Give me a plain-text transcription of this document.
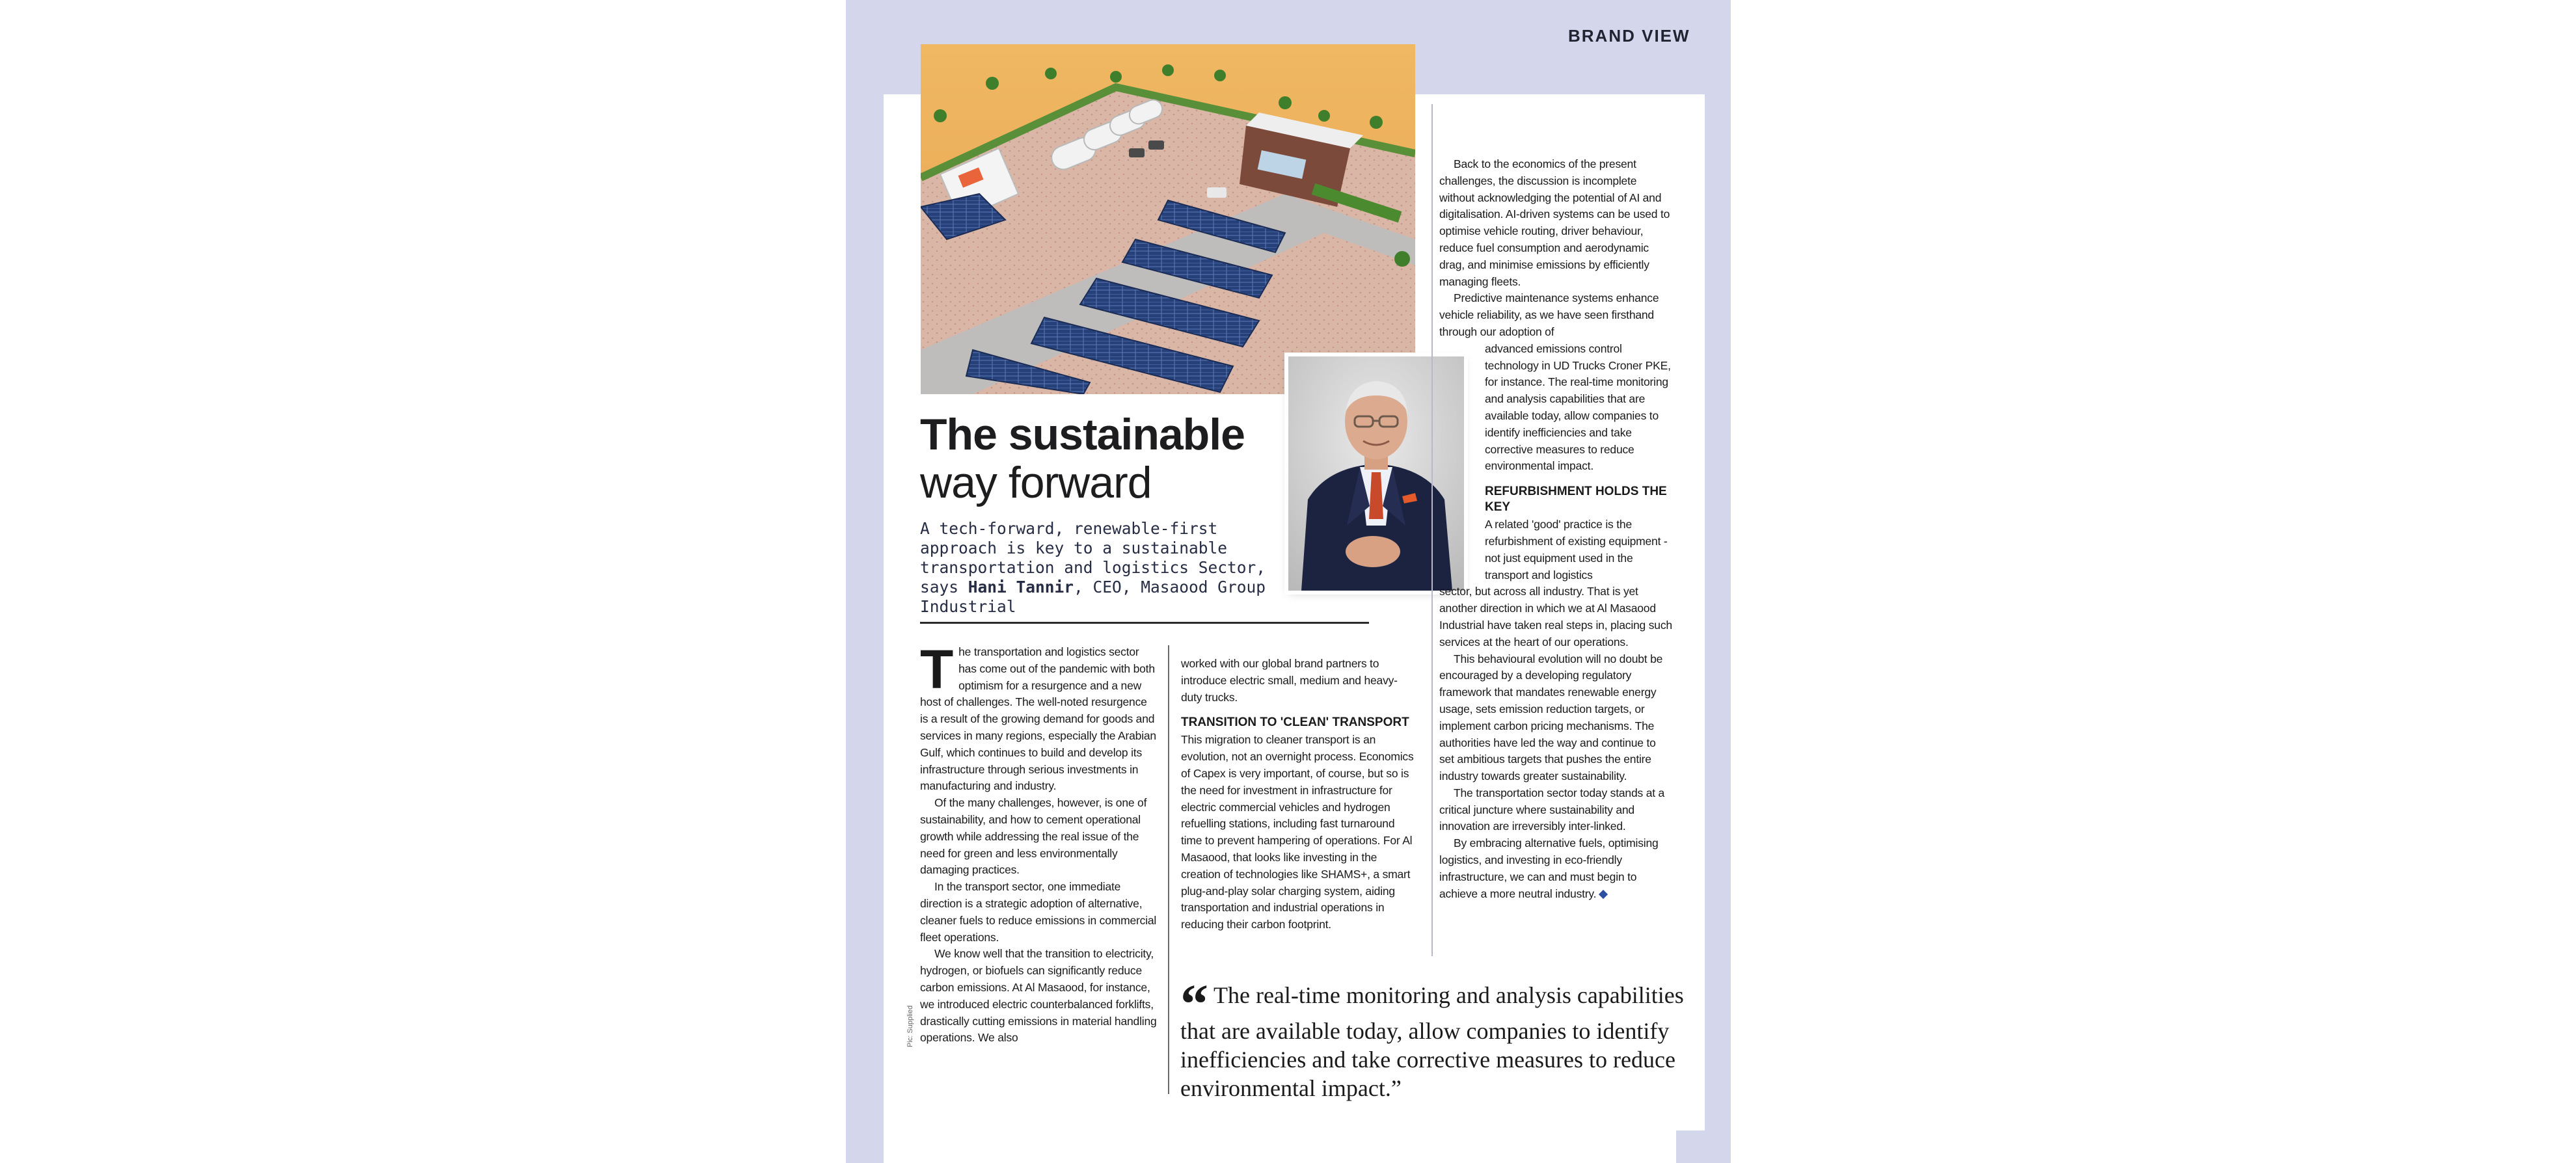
BRAND VIEW
The sustainable
way forward
A tech-forward, renewable-first approach is key to a sustainable transportation and logistics Sector, says Hani Tannir, CEO, Masaood Group Industrial
Pic: Supplied

The transportation and logistics sector has come out of the pandemic with both optimism for a resurgence and a new host of challenges. The well-noted resurgence is a result of the growing demand for goods and services in many regions, especially the Arabian Gulf, which continues to build and develop its infrastructure through serious investments in manufacturing and industry.

Of the many challenges, however, is one of sustainability, and how to cement operational growth while addressing the real issue of the need for green and less environmentally damaging practices.

In the transport sector, one immediate direction is a strategic adoption of alternative, cleaner fuels to reduce emissions in commercial fleet operations.

We know well that the transition to electricity, hydrogen, or biofuels can significantly reduce carbon emissions. At Al Masaood, for instance, we introduced electric counterbalanced forklifts, drastically cutting emissions in material handling operations. We also

worked with our global brand partners to introduce electric small, medium and heavy-duty trucks.

TRANSITION TO 'CLEAN' TRANSPORT

This migration to cleaner transport is an evolution, not an overnight process. Economics of Capex is very important, of course, but so is the need for investment in infrastructure for electric commercial vehicles and hydrogen refuelling stations, including fast turnaround time to prevent hampering of operations. For Al Masaood, that looks like investing in the creation of technologies like SHAMS+, a smart plug-and-play solar charging system, aiding transportation and industrial operations in reducing their carbon footprint.

Back to the economics of the present challenges, the discussion is incomplete without acknowledging the potential of AI and digitalisation. AI-driven systems can be used to optimise vehicle routing, driver behaviour, reduce fuel consumption and aerodynamic drag, and minimise emissions by efficiently managing fleets.

Predictive maintenance systems enhance vehicle reliability, as we have seen firsthand through our adoption of

advanced emissions control technology in UD Trucks Croner PKE, for instance. The real-time monitoring and analysis capabilities that are available today, allow companies to identify inefficiencies and take corrective measures to reduce environmental impact.

REFURBISHMENT HOLDS THE KEY

A related 'good' practice is the refurbishment of existing equipment - not just equipment used in the transport and logistics

sector, but across all industry. That is yet another direction in which we at Al Masaood Industrial have taken real steps in, placing such services at the heart of our operations.

This behavioural evolution will no doubt be encouraged by a developing regulatory framework that mandates renewable energy usage, sets emission reduction targets, or implement carbon pricing mechanisms. The authorities have led the way and continue to set ambitious targets that pushes the entire industry towards greater sustainability.

The transportation sector today stands at a critical juncture where sustainability and innovation are irreversibly inter-linked.

By embracing alternative fuels, optimising logistics, and investing in eco-friendly infrastructure, we can and must begin to achieve a more neutral industry.

“ The real-time monitoring and analysis capabilities that are available today, allow companies to identify inefficiencies and take corrective measures to reduce environmental impact.”
